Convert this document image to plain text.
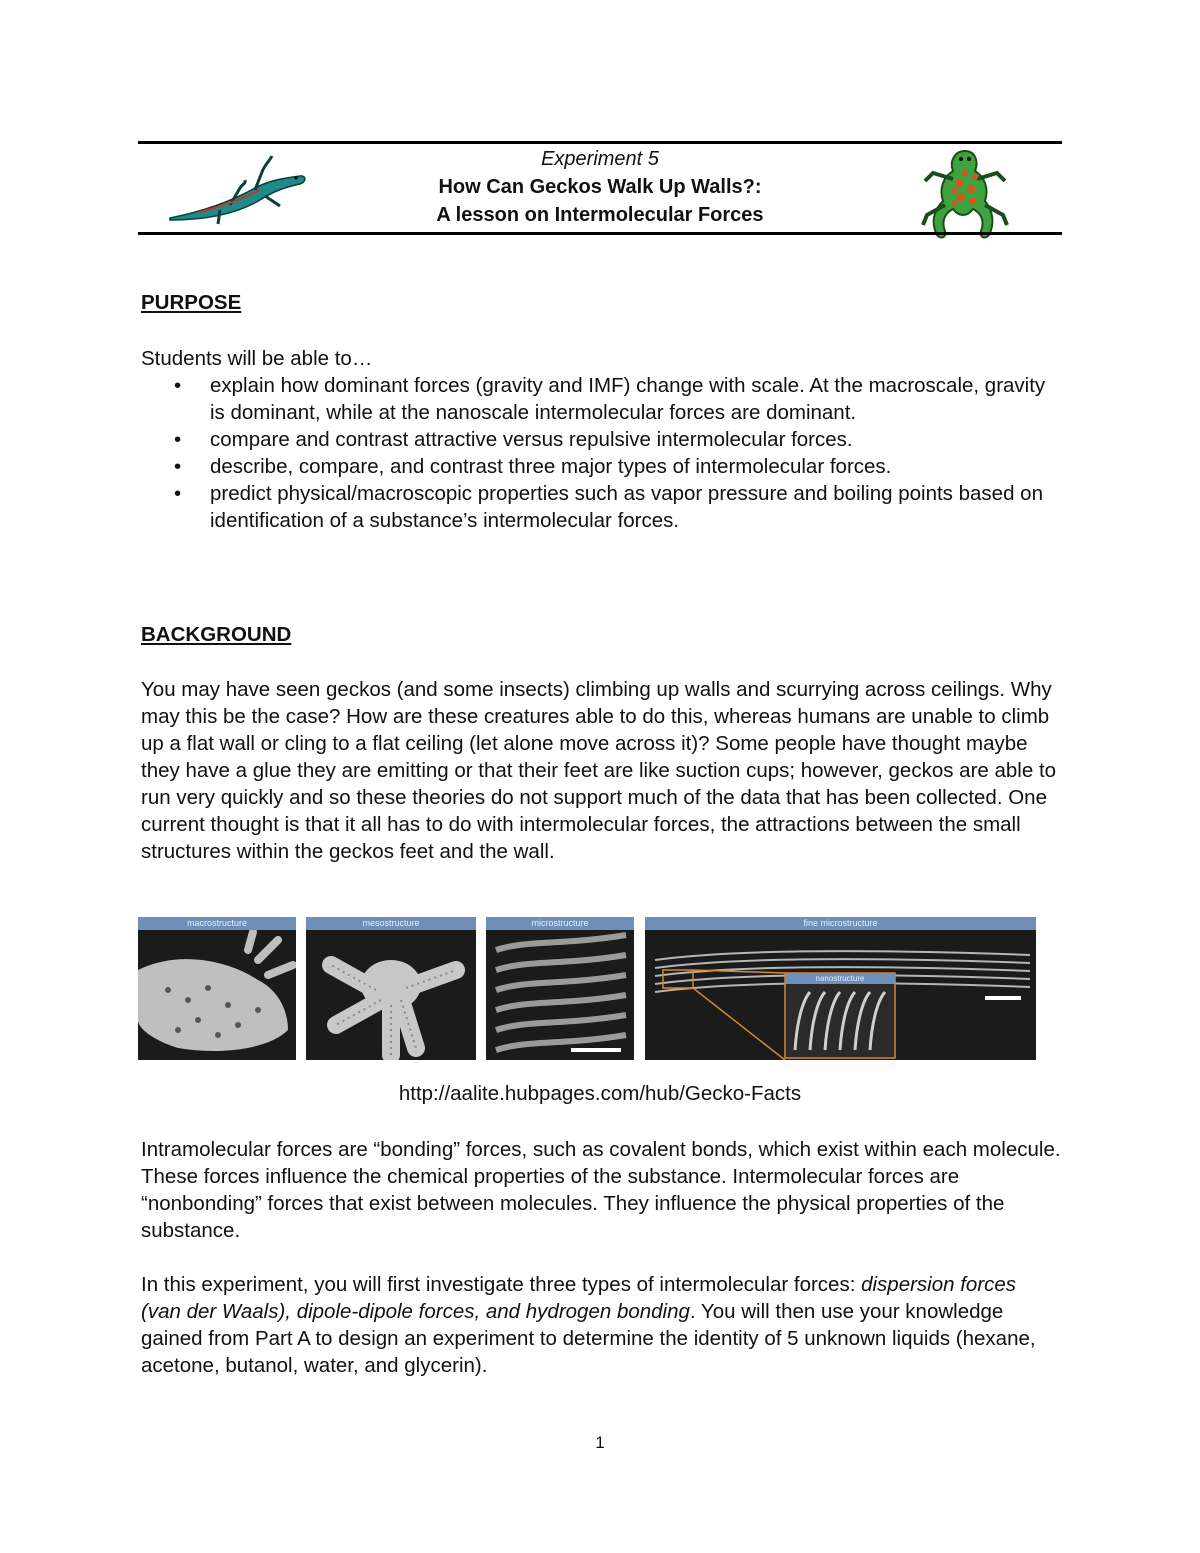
Experiment 5
How Can Geckos Walk Up Walls?:
A lesson on Intermolecular Forces
PURPOSE
Students will be able to…
• explain how dominant forces (gravity and IMF) change with scale. At the macroscale, gravity is dominant, while at the nanoscale intermolecular forces are dominant.
• compare and contrast attractive versus repulsive intermolecular forces.
• describe, compare, and contrast three major types of intermolecular forces.
• predict physical/macroscopic properties such as vapor pressure and boiling points based on identification of a substance’s intermolecular forces.
BACKGROUND
You may have seen geckos (and some insects) climbing up walls and scurrying across ceilings. Why may this be the case? How are these creatures able to do this, whereas humans are unable to climb up a flat wall or cling to a flat ceiling (let alone move across it)? Some people have thought maybe they have a glue they are emitting or that their feet are like suction cups; however, geckos are able to run very quickly and so these theories do not support much of the data that has been collected. One current thought is that it all has to do with intermolecular forces, the attractions between the small structures within the geckos feet and the wall.
macrostructure	mesostructure	microstructure	fine microstructure
nanostructure
http://aalite.hubpages.com/hub/Gecko-Facts
Intramolecular forces are “bonding” forces, such as covalent bonds, which exist within each molecule. These forces influence the chemical properties of the substance. Intermolecular forces are “nonbonding” forces that exist between molecules. They influence the physical properties of the substance.
In this experiment, you will first investigate three types of intermolecular forces: dispersion forces (van der Waals), dipole-dipole forces, and hydrogen bonding. You will then use your knowledge gained from Part A to design an experiment to determine the identity of 5 unknown liquids (hexane, acetone, butanol, water, and glycerin).
1
